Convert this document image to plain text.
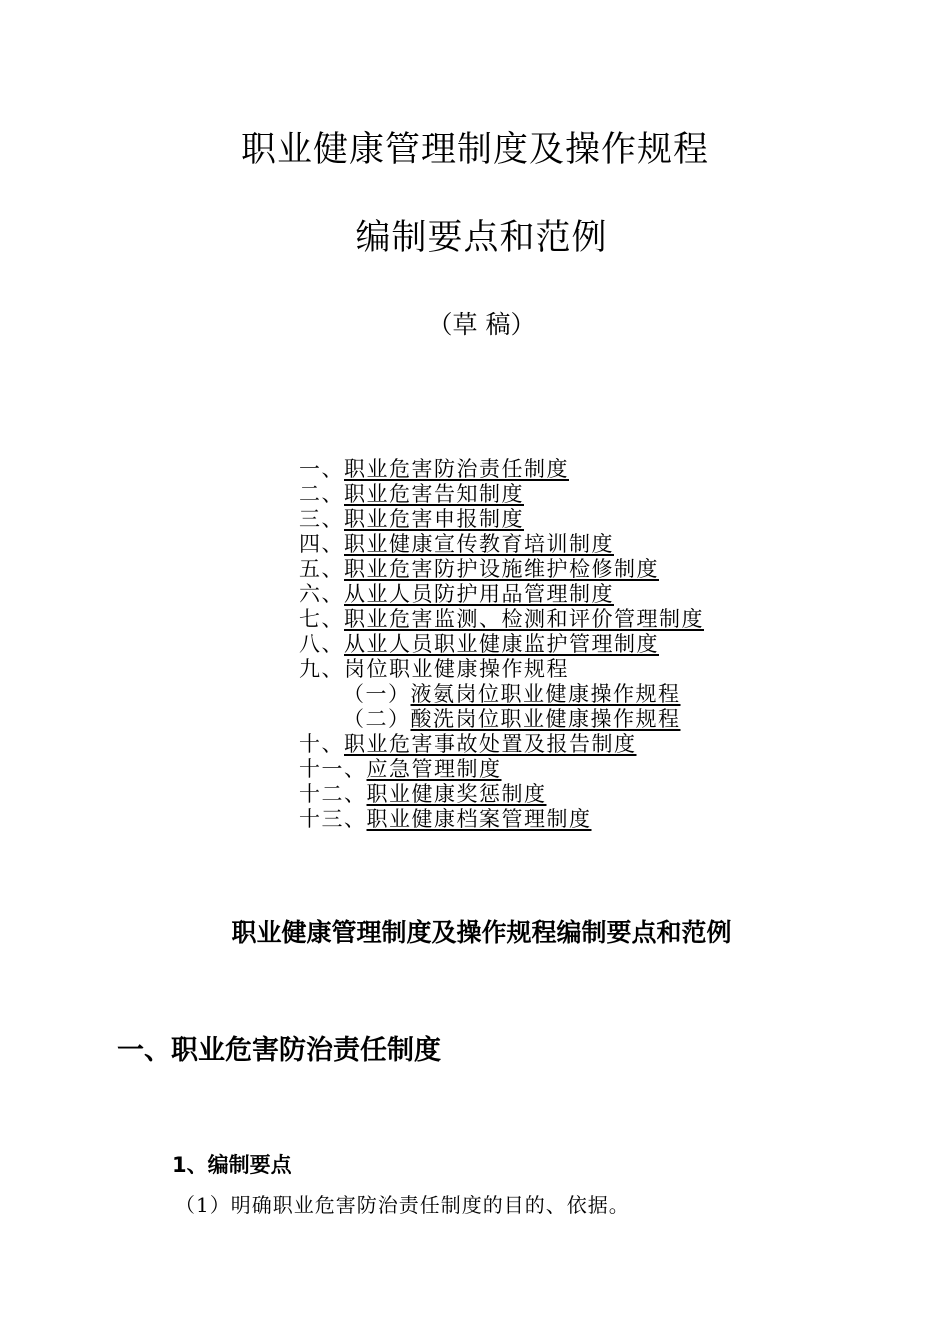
职业健康管理制度及操作规程
编制要点和范例
（草 稿）
一、职业危害防治责任制度
二、职业危害告知制度
三、职业危害申报制度
四、职业健康宣传教育培训制度
五、职业危害防护设施维护检修制度
六、从业人员防护用品管理制度
七、职业危害监测、检测和评价管理制度
八、从业人员职业健康监护管理制度
九、岗位职业健康操作规程
（一）液氨岗位职业健康操作规程
（二）酸洗岗位职业健康操作规程
十、职业危害事故处置及报告制度
十一、应急管理制度
十二、职业健康奖惩制度
十三、职业健康档案管理制度
职业健康管理制度及操作规程编制要点和范例
一、职业危害防治责任制度
1、编制要点
（1）明确职业危害防治责任制度的目的、依据。
